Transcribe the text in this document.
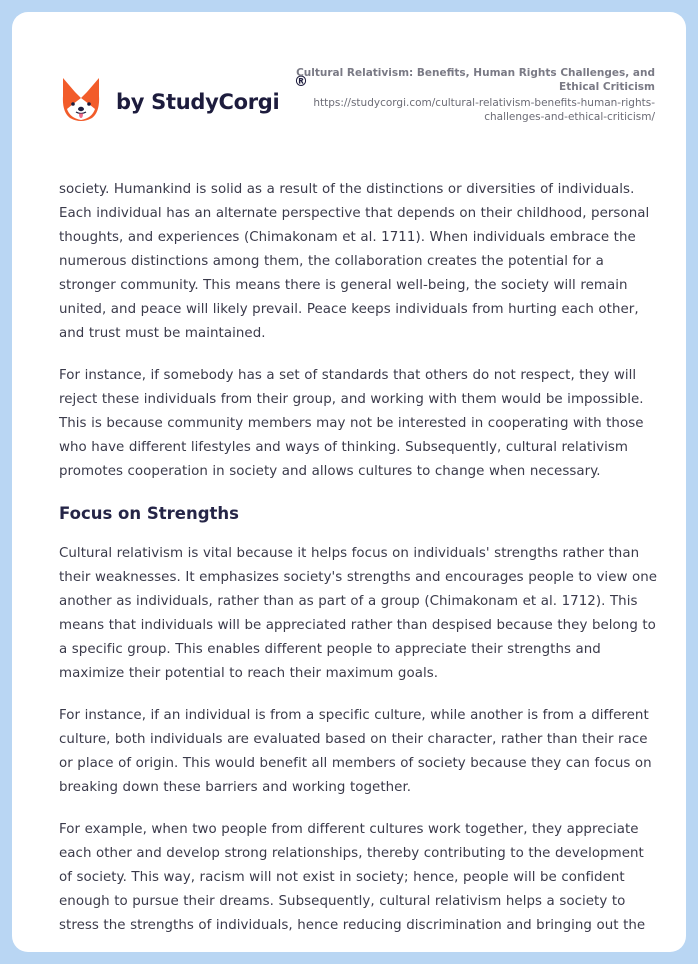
by StudyCorgi
®
Cultural Relativism: Benefits, Human Rights Challenges, and Ethical Criticism
https://studycorgi.com/cultural-relativism-benefits-human-rights-challenges-and-ethical-criticism/

society. Humankind is solid as a result of the distinctions or diversities of individuals. Each individual has an alternate perspective that depends on their childhood, personal thoughts, and experiences (Chimakonam et al. 1711). When individuals embrace the numerous distinctions among them, the collaboration creates the potential for a stronger community. This means there is general well-being, the society will remain united, and peace will likely prevail. Peace keeps individuals from hurting each other, and trust must be maintained.

For instance, if somebody has a set of standards that others do not respect, they will reject these individuals from their group, and working with them would be impossible. This is because community members may not be interested in cooperating with those who have different lifestyles and ways of thinking. Subsequently, cultural relativism promotes cooperation in society and allows cultures to change when necessary.

Focus on Strengths

Cultural relativism is vital because it helps focus on individuals' strengths rather than their weaknesses. It emphasizes society's strengths and encourages people to view one another as individuals, rather than as part of a group (Chimakonam et al. 1712). This means that individuals will be appreciated rather than despised because they belong to a specific group. This enables different people to appreciate their strengths and maximize their potential to reach their maximum goals.

For instance, if an individual is from a specific culture, while another is from a different culture, both individuals are evaluated based on their character, rather than their race or place of origin. This would benefit all members of society because they can focus on breaking down these barriers and working together.

For example, when two people from different cultures work together, they appreciate each other and develop strong relationships, thereby contributing to the development of society. This way, racism will not exist in society; hence, people will be confident enough to pursue their dreams. Subsequently, cultural relativism helps a society to stress the strengths of individuals, hence reducing discrimination and bringing out the
